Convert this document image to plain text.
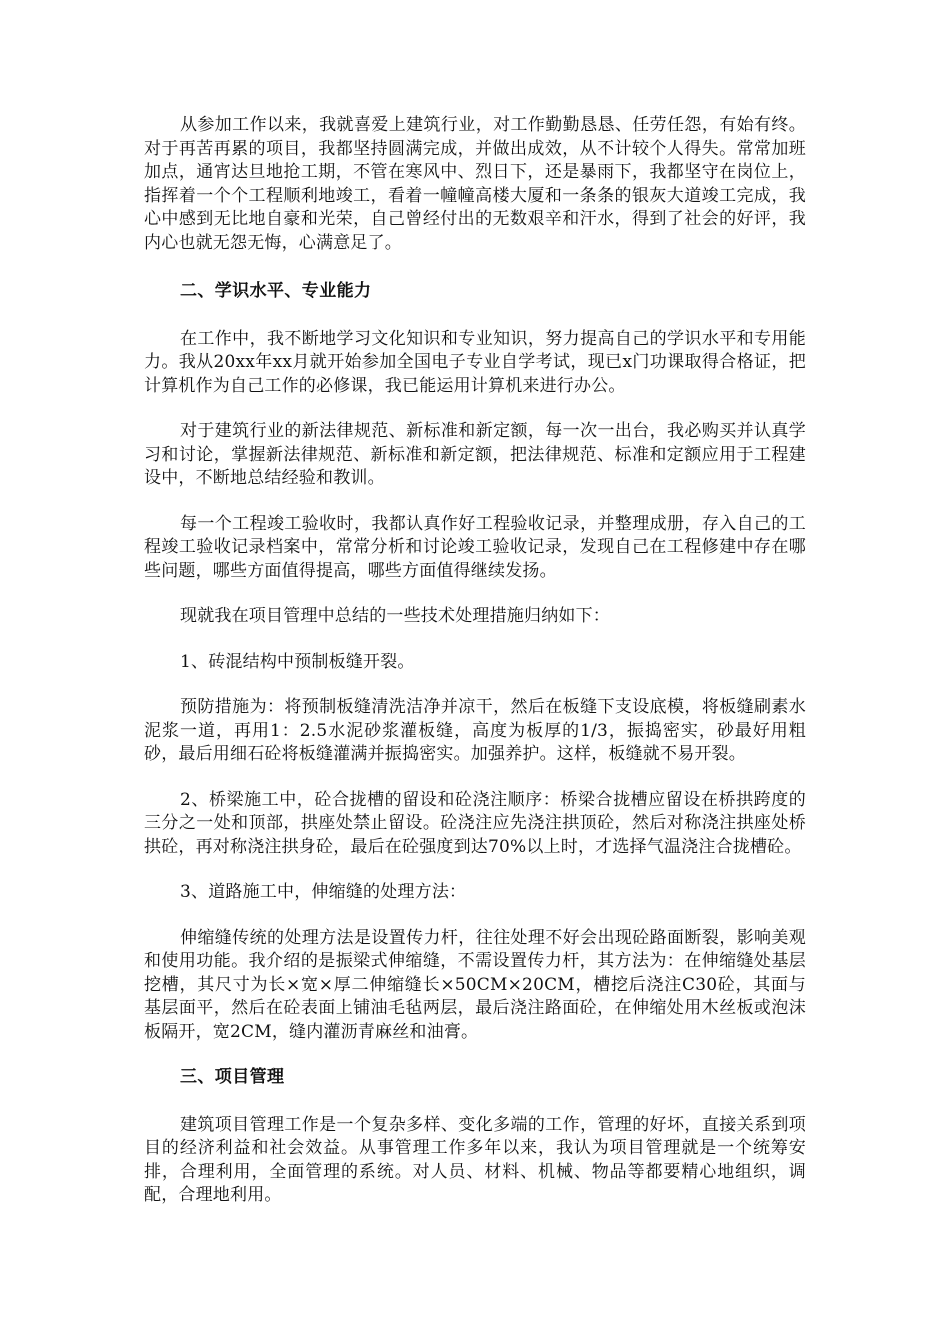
从参加工作以来，我就喜爱上建筑行业，对工作勤勤恳恳、任劳任怨，有始有终。对于再苦再累的项目，我都坚持圆满完成，并做出成效，从不计较个人得失。常常加班加点，通宵达旦地抢工期，不管在寒风中、烈日下，还是暴雨下，我都坚守在岗位上，指挥着一个个工程顺利地竣工，看着一幢幢高楼大厦和一条条的银灰大道竣工完成，我心中感到无比地自豪和光荣，自己曾经付出的无数艰辛和汗水，得到了社会的好评，我内心也就无怨无悔，心满意足了。

二、学识水平、专业能力

在工作中，我不断地学习文化知识和专业知识，努力提高自己的学识水平和专用能力。我从20xx年xx月就开始参加全国电子专业自学考试，现已x门功课取得合格证，把计算机作为自己工作的必修课，我已能运用计算机来进行办公。

对于建筑行业的新法律规范、新标准和新定额，每一次一出台，我必购买并认真学习和讨论，掌握新法律规范、新标准和新定额，把法律规范、标准和定额应用于工程建设中，不断地总结经验和教训。

每一个工程竣工验收时，我都认真作好工程验收记录，并整理成册，存入自己的工程竣工验收记录档案中，常常分析和讨论竣工验收记录，发现自己在工程修建中存在哪些问题，哪些方面值得提高，哪些方面值得继续发扬。

现就我在项目管理中总结的一些技术处理措施归纳如下：

1、砖混结构中预制板缝开裂。

预防措施为：将预制板缝清洗洁净并凉干，然后在板缝下支设底模，将板缝刷素水泥浆一道，再用1：2.5水泥砂浆灌板缝，高度为板厚的1/3，振捣密实，砂最好用粗砂，最后用细石砼将板缝灌满并振捣密实。加强养护。这样，板缝就不易开裂。

2、桥梁施工中，砼合拢槽的留设和砼浇注顺序：桥梁合拢槽应留设在桥拱跨度的三分之一处和顶部，拱座处禁止留设。砼浇注应先浇注拱顶砼，然后对称浇注拱座处桥拱砼，再对称浇注拱身砼，最后在砼强度到达70%以上时，才选择气温浇注合拢槽砼。

3、道路施工中，伸缩缝的处理方法：

伸缩缝传统的处理方法是设置传力杆，往往处理不好会出现砼路面断裂，影响美观和使用功能。我介绍的是振梁式伸缩缝，不需设置传力杆，其方法为：在伸缩缝处基层挖槽，其尺寸为长×宽×厚二伸缩缝长×50CM×20CM，槽挖后浇注C30砼，其面与基层面平，然后在砼表面上铺油毛毡两层，最后浇注路面砼，在伸缩处用木丝板或泡沫板隔开，宽2CM，缝内灌沥青麻丝和油膏。

三、项目管理

建筑项目管理工作是一个复杂多样、变化多端的工作，管理的好坏，直接关系到项目的经济利益和社会效益。从事管理工作多年以来，我认为项目管理就是一个统筹安排，合理利用，全面管理的系统。对人员、材料、机械、物品等都要精心地组织，调配，合理地利用。
